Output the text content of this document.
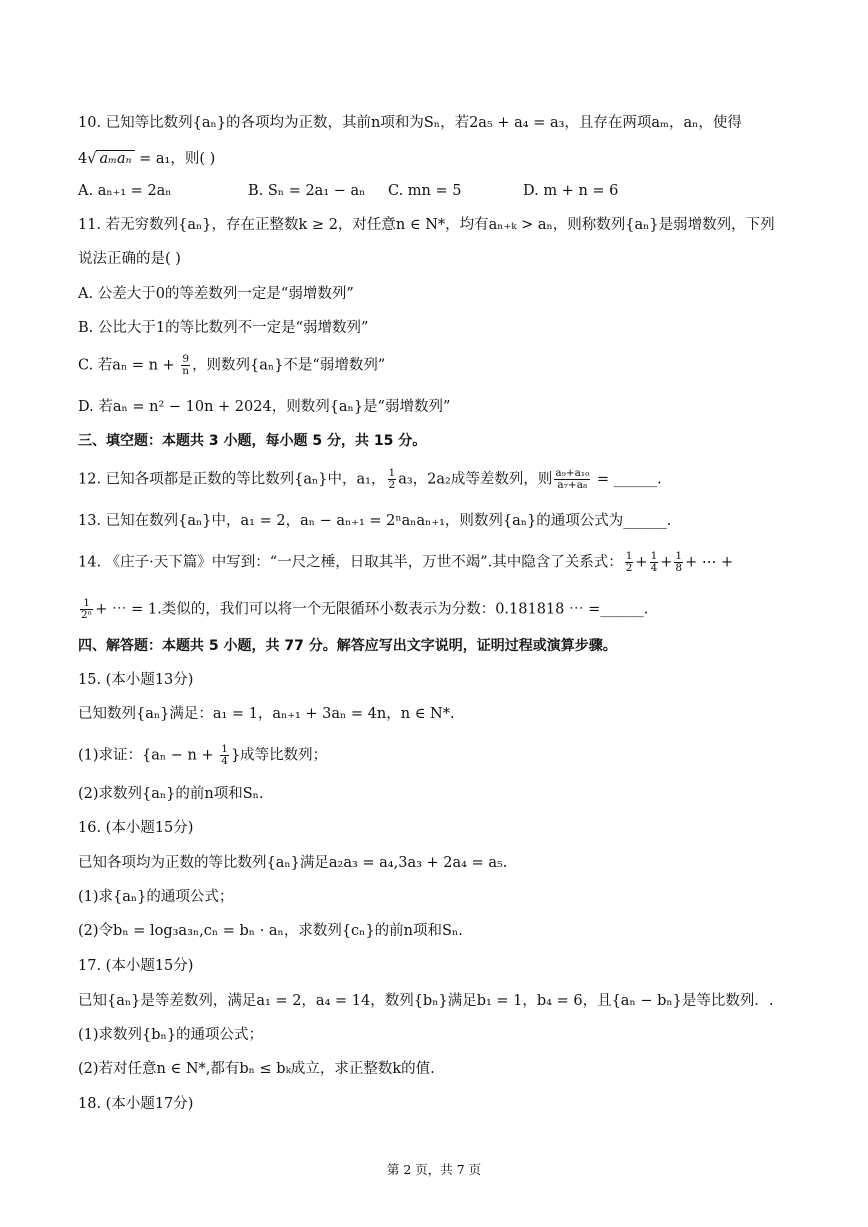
10. 已知等比数列{aₙ}的各项均为正数，其前n项和为Sₙ，若2a₅ + a₄ = a₃，且存在两项aₘ，aₙ，使得
4√ aₘaₙ = a₁，则( )
A. aₙ₊₁ = 2aₙ	B. Sₙ = 2a₁ − aₙ C. mn = 5	D. m + n = 6
11. 若无穷数列{aₙ}，存在正整数k ≥ 2，对任意n ∈ N*，均有aₙ₊ₖ > aₙ，则称数列{aₙ}是弱增数列，下列
说法正确的是( )
A. 公差大于0的等差数列一定是“弱增数列”
B. 公比大于1的等比数列不一定是“弱增数列”
C. 若$a_n = n + \frac{9}{n}$ ，则数列{aₙ}不是“弱增数列”
D. 若aₙ = n² − 10n + 2024，则数列{aₙ}是“弱增数列”
三、填空题：本题共 3 小题，每小题 5 分，共 15 分。
12. 已知各项都是正数的等比数列{aₙ}中，a₁， $\frac{1}{2} a_3$，2a₂成等差数列，则 $\frac{\text{a₉+a₁₀}}{\text{a₇+a₈}}$ = ______.
13. 已知在数列{aₙ}中，a₁ = 2，aₙ − aₙ₊₁ = 2ⁿaₙaₙ₊₁，则数列{aₙ}的通项公式为______.
14. 《庄子·天下篇》中写到：“一尺之棰，日取其半，万世不竭”.其中隐含了关系式： $\frac{1}{2} + \frac{1}{4} + \frac{1}{8}$ + ⋯ +
$\frac{1}{\text{2ⁿ}}$ + ⋯ = 1.类似的，我们可以将一个无限循环小数表示为分数：0.181818 ⋯ =______.
四、解答题：本题共 5 小题，共 77 分。解答应写出文字说明，证明过程或演算步骤。
15. (本小题13分)
已知数列{aₙ}满足：a₁ = 1，aₙ₊₁ + 3aₙ = 4n，n ∈ N*.
(1)求证：{$a_n - n + \frac{1}{4}$ }成等比数列；
(2)求数列{aₙ}的前n项和Sₙ.
16. (本小题15分)
已知各项均为正数的等比数列{aₙ}满足a₂a₃ = a₄,3a₃ + 2a₄ = a₅.
(1)求{aₙ}的通项公式；
(2)令bₙ = log₃a₃ₙ,cₙ = bₙ · aₙ，求数列{cₙ}的前n项和Sₙ.
17. (本小题15分)
已知{aₙ}是等差数列，满足a₁ = 2，a₄ = 14，数列{bₙ}满足b₁ = 1，b₄ = 6，且{aₙ − bₙ}是等比数列．.
(1)求数列{bₙ}的通项公式；
(2)若对任意n ∈ N*,都有bₙ ≤ bₖ成立，求正整数k的值.
18. (本小题17分)
第 2 页，共 7 页
